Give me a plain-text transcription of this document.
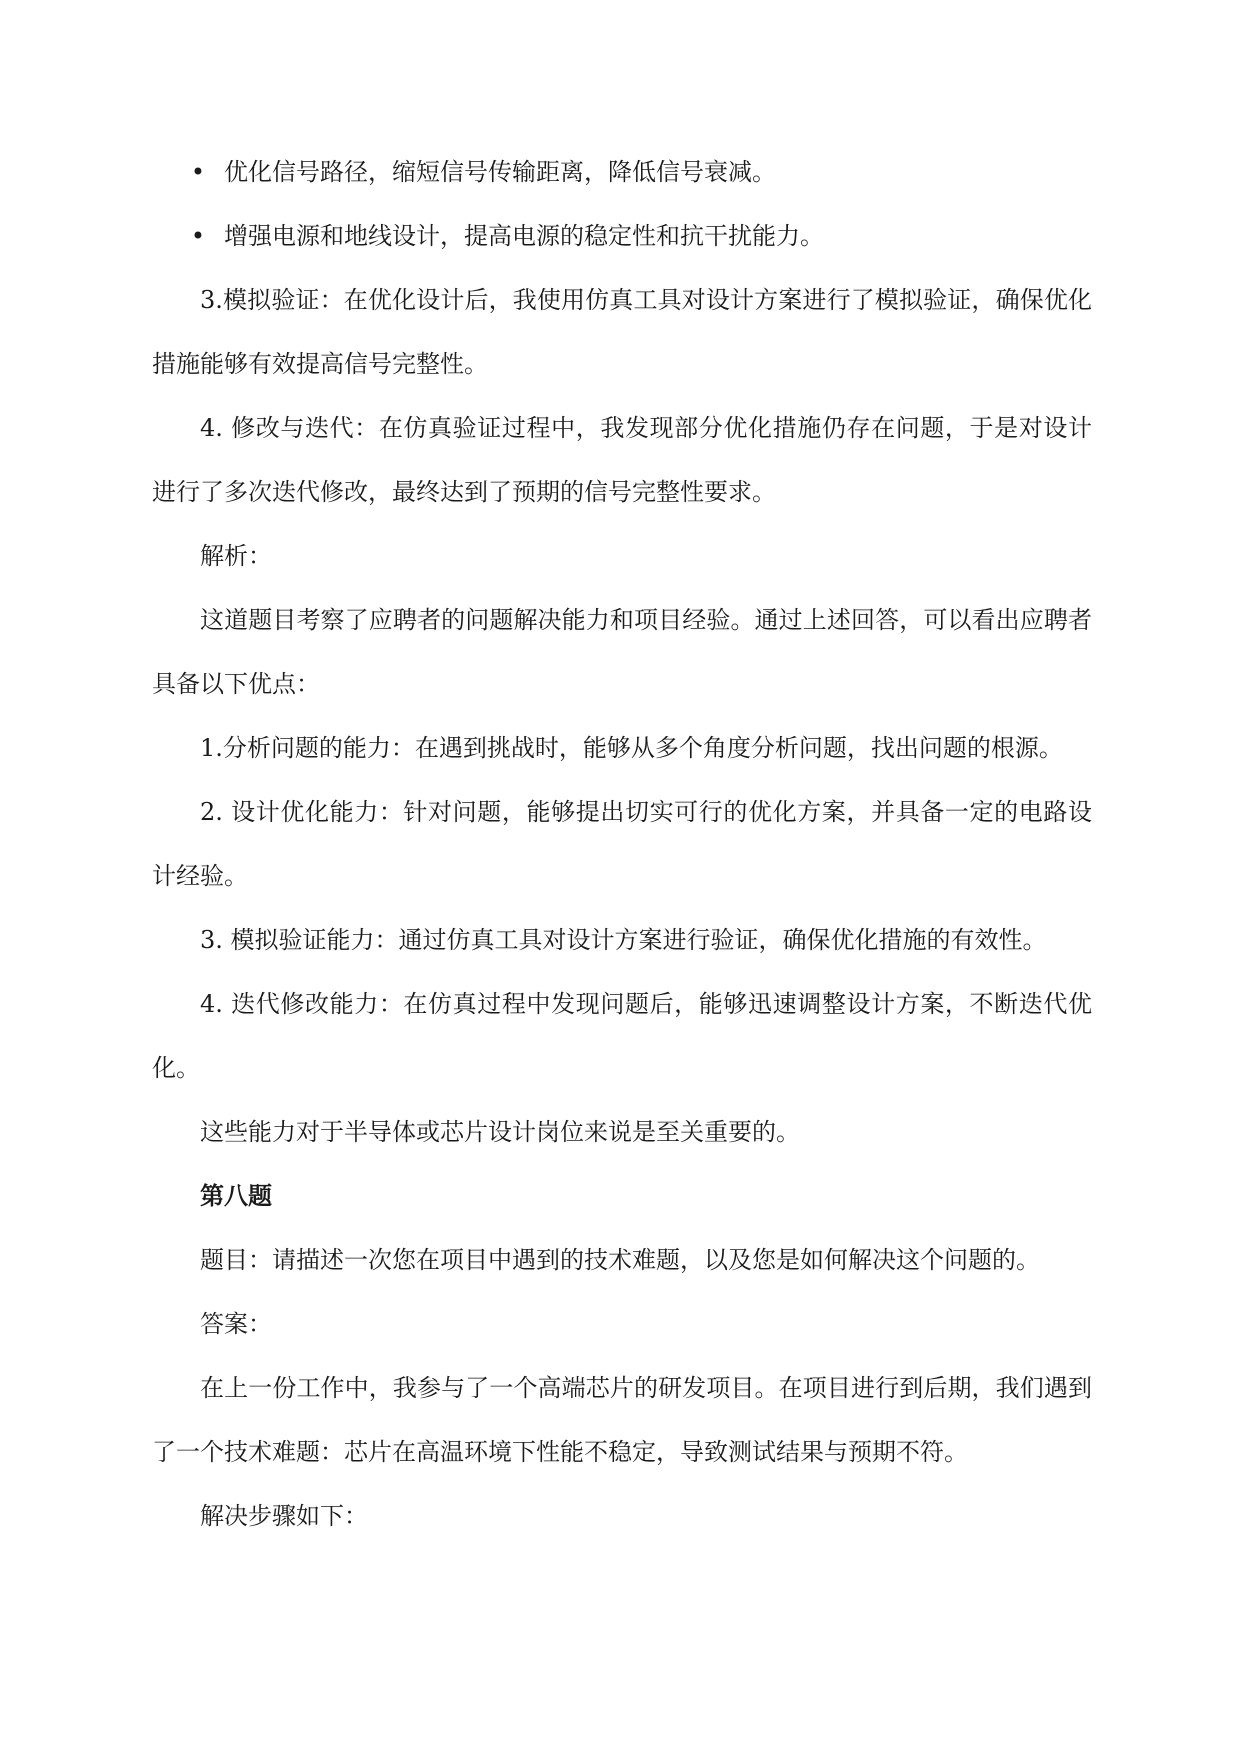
• 优化信号路径，缩短信号传输距离，降低信号衰减。
• 增强电源和地线设计，提高电源的稳定性和抗干扰能力。

3.模拟验证：在优化设计后，我使用仿真工具对设计方案进行了模拟验证，确保优化措施能够有效提高信号完整性。

4. 修改与迭代：在仿真验证过程中，我发现部分优化措施仍存在问题，于是对设计进行了多次迭代修改，最终达到了预期的信号完整性要求。

解析：

这道题目考察了应聘者的问题解决能力和项目经验。通过上述回答，可以看出应聘者具备以下优点：

1.分析问题的能力：在遇到挑战时，能够从多个角度分析问题，找出问题的根源。

2. 设计优化能力：针对问题，能够提出切实可行的优化方案，并具备一定的电路设计经验。

3. 模拟验证能力：通过仿真工具对设计方案进行验证，确保优化措施的有效性。

4. 迭代修改能力：在仿真过程中发现问题后，能够迅速调整设计方案，不断迭代优化。

这些能力对于半导体或芯片设计岗位来说是至关重要的。

第八题

题目：请描述一次您在项目中遇到的技术难题，以及您是如何解决这个问题的。

答案：

在上一份工作中，我参与了一个高端芯片的研发项目。在项目进行到后期，我们遇到了一个技术难题：芯片在高温环境下性能不稳定，导致测试结果与预期不符。

解决步骤如下：
